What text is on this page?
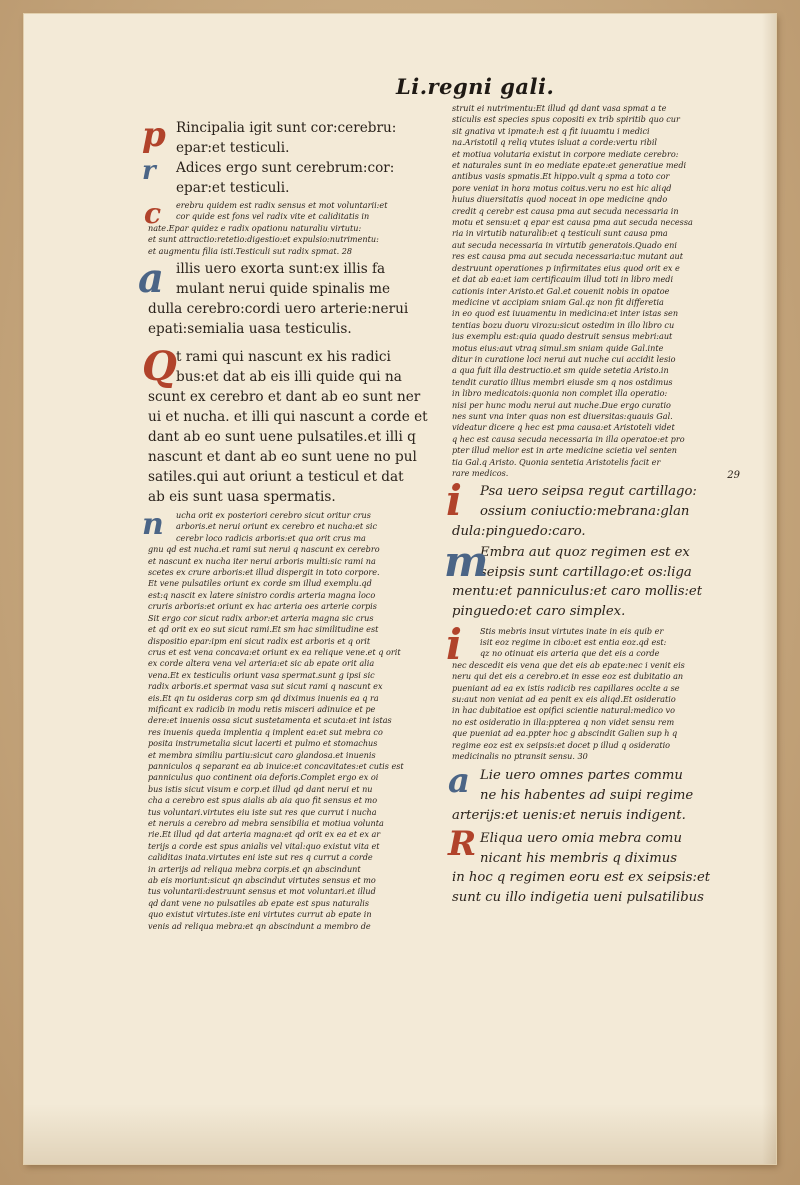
Li.regni gali.
p Rincipalia igit sunt cor:cerebru:
epar:et testiculi.
r	Adices ergo sunt cerebrum:cor:
epar:et testiculi.
c	erebru quidem est radix sensus et mot voluntarii:et
cor quide est fons vel radix vite et caliditatis in
nate.Epar quidez e radix opationu naturaliu virtutu:
et sunt attractio:retetio:digestio:et expulsio:nutrimentu:
et augmentu filia isti.Testiculi sut radix spmat. 28
a illis uero exorta sunt:ex illis fa
mulant nerui quide spinalis me
dulla cerebro:cordi uero arterie:nerui
epati:semialia uasa testiculis.
Q t rami qui nascunt ex his radici
bus:et dat ab eis illi quide qui na
scunt ex cerebro et dant ab eo sunt ner
ui et nucha. et illi qui nascunt a corde et
dant ab eo sunt uene pulsatiles.et illi q
nascunt et dant ab eo sunt uene no pul
satiles.qui aut oriunt a testicul et dat
ab eis sunt uasa spermatis.
n	ucha orit ex posteriori cerebro sicut oritur crus
arboris.et nerui oriunt ex cerebro et nucha:et sic
cerebr loco radicis arboris:et qua orit crus ma
gnu qd est nucha.et rami sut nerui q nascunt ex cerebro
et nascunt ex nucha iter nerui arboris multi:sic rami na
scetes ex crure arboris:et illud dispergit in toto corpore.
Et vene pulsatiles oriunt ex corde sm illud exemplu.qd
est:q nascit ex latere sinistro cordis arteria magna loco
cruris arboris:et oriunt ex hac arteria oes arterie corpis
Sit ergo cor sicut radix arbor:et arteria magna sic crus
et qd orit ex eo sut sicut rami.Et sm hac similitudine est
dispositio epar:ipm eni sicut radix est arboris et q orit
crus et est vena concava:et oriunt ex ea relique vene.et q orit
ex corde altera vena vel arteria:et sic ab epate orit alia
vena.Et ex testiculis oriunt vasa spermat.sunt g ipsi sic
radix arboris.et spermat vasa sut sicut rami q nascunt ex
eis.Et qn tu osideras corp sm qd diximus inuenis ea q ra
mificant ex radicib in modu retis misceri adinuice et pe
dere:et inuenis ossa sicut sustetamenta et scuta:et int istas
res inuenis queda implentia q implent ea:et sut mebra co
posita instrumetalia sicut lacerti et pulmo et stomachus
et membra similiu partiu:sicut caro glandosa.et inuenis
panniculos q separant ea ab inuice:et concavitates:et cutis est
panniculus quo continent oia deforis.Complet ergo ex oi
bus istis sicut visum e corp.et illud qd dant nerui et nu
cha a cerebro est spus aialis ab aia quo fit sensus et mo
tus voluntari.virtutes eiu iste sut res que currut i nucha
et neruis a cerebro ad mebra sensibilia et motiua volunta
rie.Et illud qd dat arteria magna:et qd orit ex ea et ex ar
terijs a corde est spus anialis vel vital:quo existut vita et
caliditas inata.virtutes eni iste sut res q currut a corde
in arterijs ad reliqua mebra corpis.et qn abscindunt
ab eis moriunt:sicut qn abscindut virtutes sensus et mo
tus voluntarii:destruunt sensus et mot voluntari.et illud
qd dant vene no pulsatiles ab epate est spus naturalis
quo existut virtutes.iste eni virtutes currut ab epate in
venis ad reliqua mebra:et qn abscindunt a membro de
struit ei nutrimentu:Et illud qd dant vasa spmat a te
sticulis est species spus copositi ex trib spiritib quo cur
sit gnativa vt ipmate:h est q fit iuuamtu i medici
na.Aristotil q reliq vtutes isluat a corde:vertu ribil
et motiua volutaria existut in corpore mediate cerebro:
et naturales sunt in eo mediate epate:et generatiue medi
antibus vasis spmatis.Et hippo.vult q spma a toto cor
pore veniat in hora motus coitus.veru no est hic aliqd
huius diuersitatis quod noceat in ope medicine qndo
credit q cerebr est causa pma aut secuda necessaria in
motu et sensu:et q epar est causa pma aut secuda necessa
ria in virtutib naturalib:et q testiculi sunt causa pma
aut secuda necessaria in virtutib generatois.Quado eni
res est causa pma aut secuda necessaria:tuc mutant aut
destruunt operationes p infirmitates eius quod orit ex e
et dat ab ea:et iam certificauim illud toti in libro medi
cationis inter Aristo.et Gal.et couenit nobis in opatoe
medicine vt accipiam sniam Gal.qz non fit differetia
in eo quod est iuuamentu in medicina:et inter istas sen
tentias bozu duoru virozu:sicut ostedim in illo libro cu
ius exemplu est:quia quado destruit sensus mebri:aut
motus eius:aut vtraq simul.sm sniam quide Gal.inte
ditur in curatione loci nerui aut nuche cui accidit lesio
a qua fuit illa destructio.et sm quide setetia Aristo.in
tendit curatio illius membri eiusde sm q nos ostdimus
in libro medicatois:quonia non complet illa operatio:
nisi per hunc modu nerui aut nuche.Due ergo curatio
nes sunt vna inter quas non est diuersitas:quauis Gal.
videatur dicere q hec est pma causa:et Aristoteli videt
q hec est causa secuda necessaria in illa operatoe:et pro
pter illud melior est in arte medicine scietia vel senten
tia Gal.q Aristo. Quonia sentetia Aristotelis facit er
rare medicos.	29
i	Psa uero seipsa regut cartillago:
ossium coniuctio:mebrana:glan
dula:pinguedo:caro.
m
Embra aut quoz regimen est ex
seipsis sunt cartillago:et os:liga
mentu:et panniculus:et caro mollis:et
pinguedo:et caro simplex.
i	Stis mebris insut virtutes inate in eis quib er
isit eoz regime in cibo:et est entia eoz.qd est:
qz no otinuat eis arteria que det eis a corde
nec descedit eis vena que det eis ab epate:nec i venit eis
neru qui det eis a cerebro.et in esse eoz est dubitatio an
pueniant ad ea ex istis radicib res capillares occlte a se
su:aut non veniat ad ea penit ex eis aliqd.Et osideratio
in hac dubitatioe est opifici scientie natural:medico vo
no est osideratio in illa:ppterea q non videt sensu rem
que pueniat ad ea.ppter hoc g abscindit Galien sup h q
regime eoz est ex seipsis:et docet p illud q osideratio
medicinalis no ptransit sensu. 30
a Lie uero omnes partes commu
ne his habentes ad suipi regime
arterijs:et uenis:et neruis indigent.
R Eliqua uero omia mebra comu
nicant his membris q diximus
in hoc q regimen eoru est ex seipsis:et
sunt cu illo indigetia ueni pulsatilibus
